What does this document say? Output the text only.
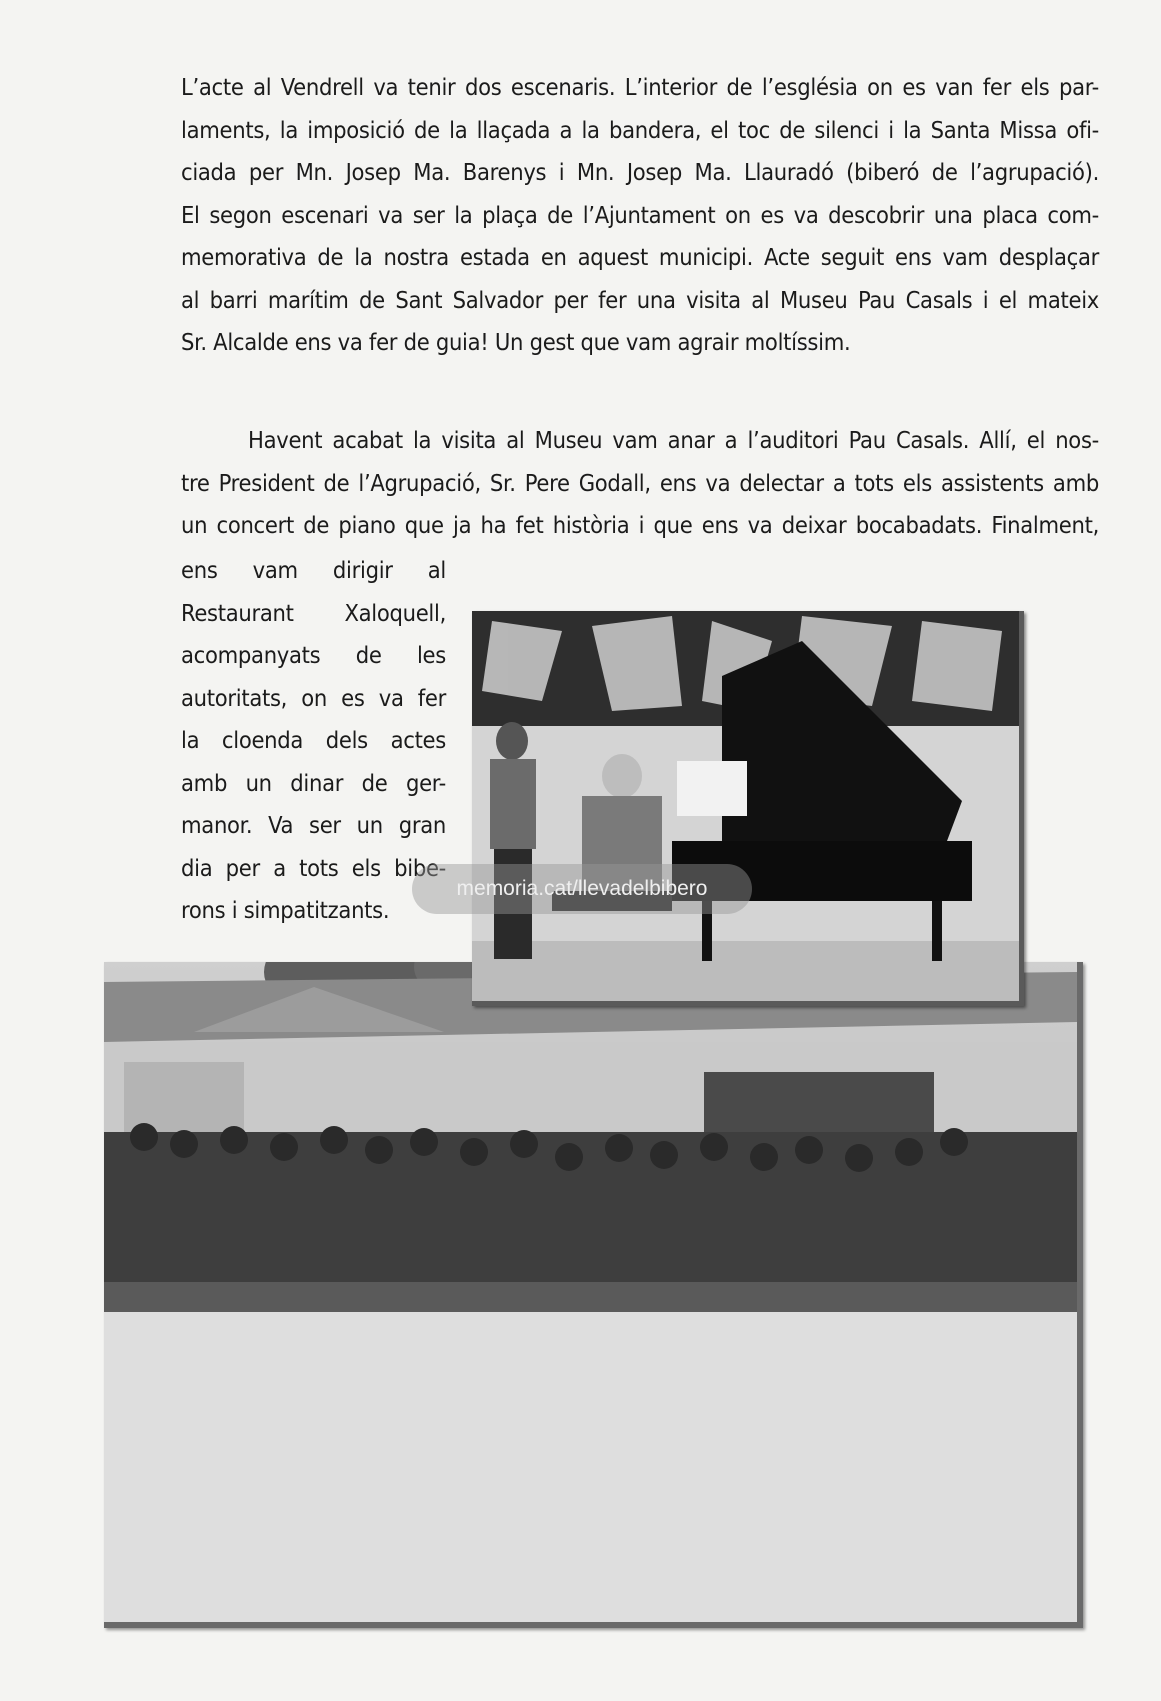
L’acte al Vendrell va tenir dos escenaris. L’interior de l’església on es van fer els par-
laments, la imposició de la llaçada a la bandera, el toc de silenci i la Santa Missa ofi-
ciada per Mn. Josep Ma. Barenys i Mn. Josep Ma. Llauradó (biberó de l’agrupació).
El segon escenari va ser la plaça de l’Ajuntament on es va descobrir una placa com-
memorativa de la nostra estada en aquest municipi. Acte seguit ens vam desplaçar
al barri marítim de Sant Salvador per fer una visita al Museu Pau Casals i el mateix
Sr. Alcalde ens va fer de guia! Un gest que vam agrair moltíssim.
Havent acabat la visita al Museu vam anar a l’auditori Pau Casals. Allí, el nos-
tre President de l’Agrupació, Sr. Pere Godall, ens va delectar a tots els assistents amb
un concert de piano que ja ha fet història i que ens va deixar bocabadats. Finalment,
ens vam dirigir al
Restaurant Xaloquell,
acompanyats de les
autoritats, on es va fer
la cloenda dels actes
amb un dinar de ger-
manor. Va ser un gran
dia per a tots els bibe-
rons i simpatitzants.
memoria.cat/llevadelbibero
